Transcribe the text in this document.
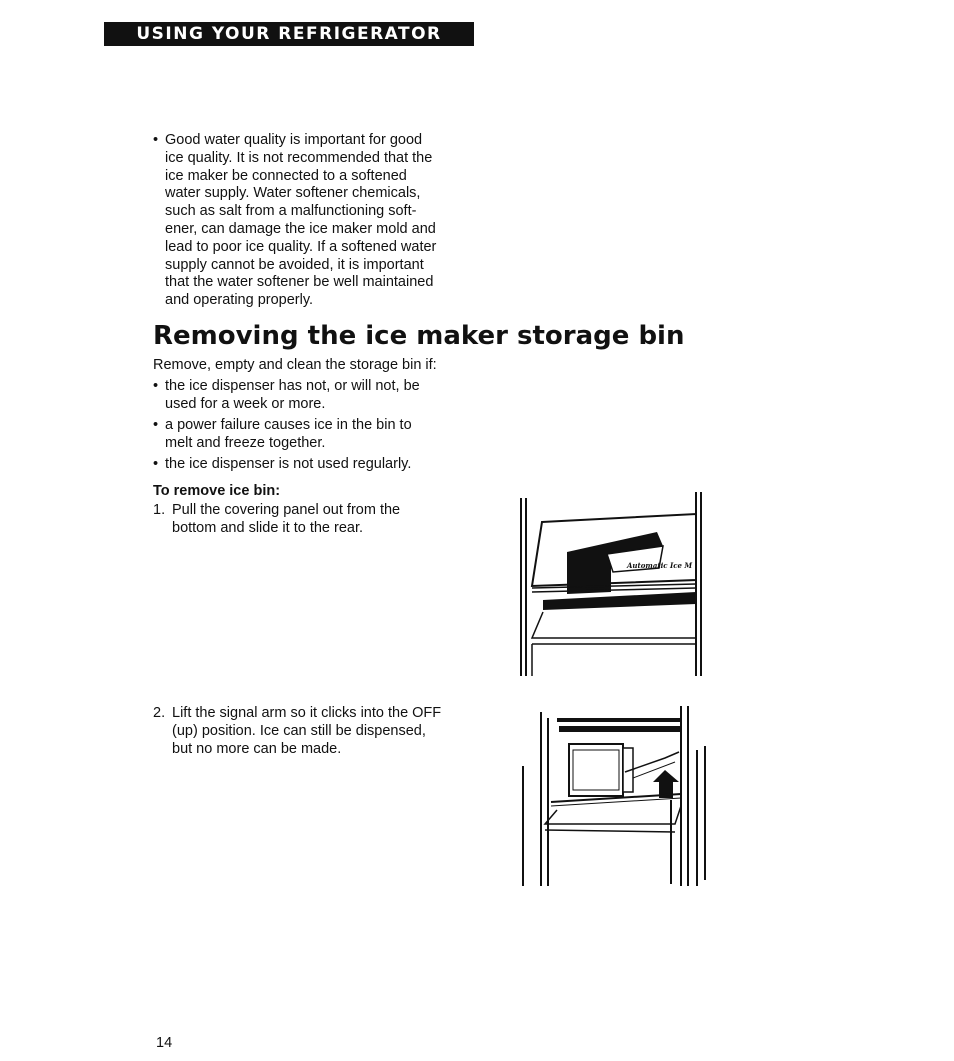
USING YOUR REFRIGERATOR
• Good water quality is important for good
ice quality. It is not recommended that the
ice maker be connected to a softened
water supply. Water softener chemicals,
such as salt from a malfunctioning soft-
ener, can damage the ice maker mold and
lead to poor ice quality. If a softened water
supply cannot be avoided, it is important
that the water softener be well maintained
and operating properly.
Removing the ice maker storage bin
Remove, empty and clean the storage bin if:
• the ice dispenser has not, or will not, be
used for a week or more.
• a power failure causes ice in the bin to
melt and freeze together.
• the ice dispenser is not used regularly.
To remove ice bin:
1. Pull the covering panel out from the
bottom and slide it to the rear.
2. Lift the signal arm so it clicks into the OFF
(up) position. Ice can still be dispensed,
but no more can be made.
Automatic Ice M
14
